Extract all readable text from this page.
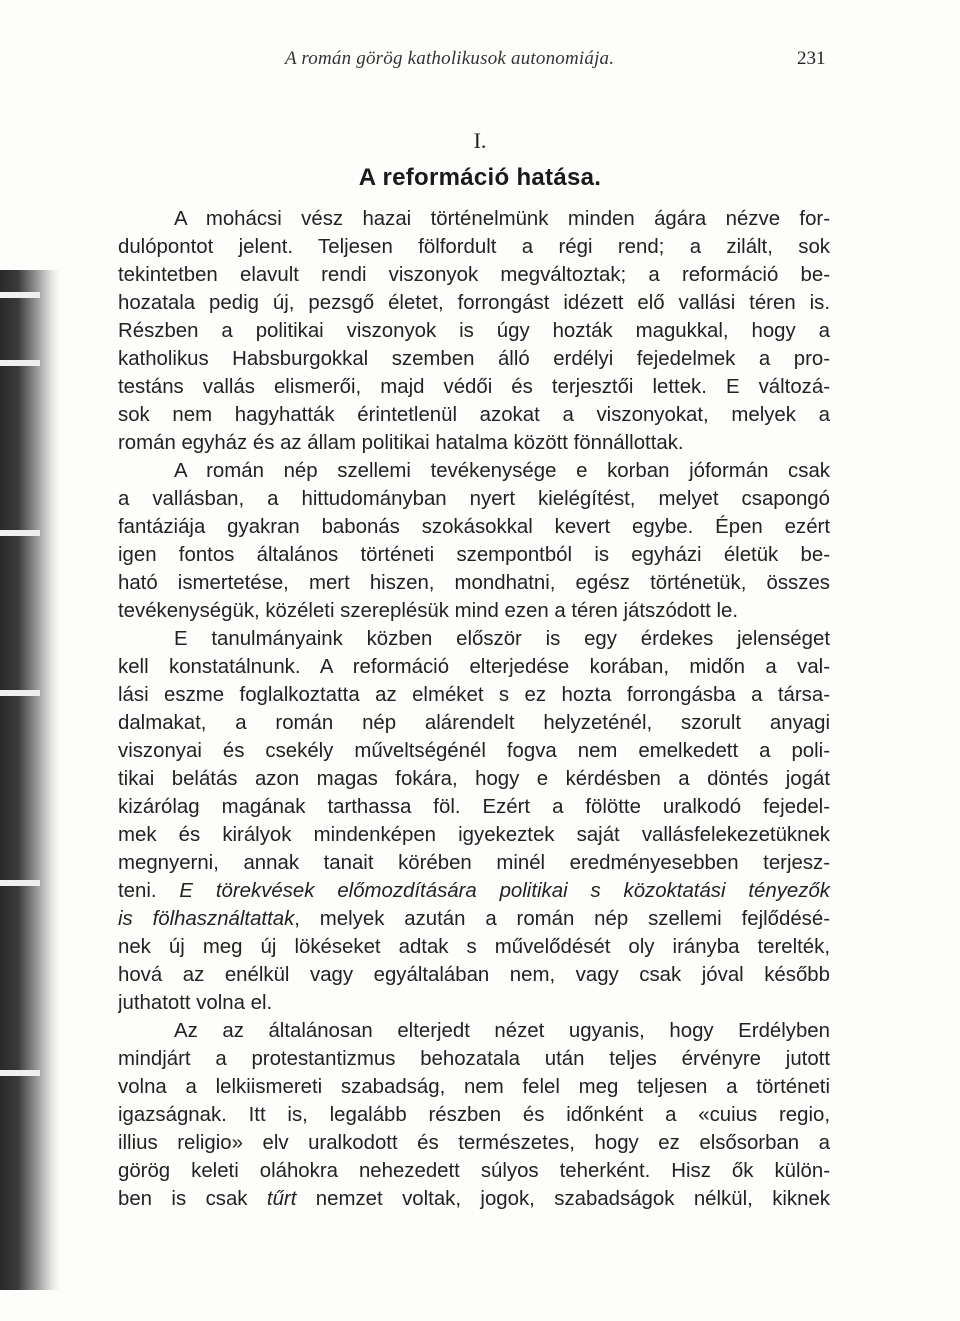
A román görög katholikusok autonomiája.	231
I.
A reformáció hatása.
A mohácsi vész hazai történelmünk minden ágára nézve for-
dulópontot jelent. Teljesen fölfordult a régi rend; a zilált, sok
tekintetben elavult rendi viszonyok megváltoztak; a reformáció be-
hozatala pedig új, pezsgő életet, forrongást idézett elő vallási téren is.
Részben a politikai viszonyok is úgy hozták magukkal, hogy a
katholikus Habsburgokkal szemben álló erdélyi fejedelmek a pro-
testáns vallás elismerői, majd védői és terjesztői lettek. E változá-
sok nem hagyhatták érintetlenül azokat a viszonyokat, melyek a
román egyház és az állam politikai hatalma között fönnállottak.
A román nép szellemi tevékenysége e korban jóformán csak
a vallásban, a hittudományban nyert kielégítést, melyet csapongó
fantáziája gyakran babonás szokásokkal kevert egybe. Épen ezért
igen fontos általános történeti szempontból is egyházi életük be-
ható ismertetése, mert hiszen, mondhatni, egész történetük, összes
tevékenységük, közéleti szereplésük mind ezen a téren játszódott le.
E tanulmányaink közben először is egy érdekes jelenséget
kell konstatálnunk. A reformáció elterjedése korában, midőn a val-
lási eszme foglalkoztatta az elméket s ez hozta forrongásba a társa-
dalmakat, a román nép alárendelt helyzeténél, szorult anyagi
viszonyai és csekély műveltségénél fogva nem emelkedett a poli-
tikai belátás azon magas fokára, hogy e kérdésben a döntés jogát
kizárólag magának tarthassa föl. Ezért a fölötte uralkodó fejedel-
mek és királyok mindenképen igyekeztek saját vallásfelekezetüknek
megnyerni, annak tanait körében minél eredményesebben terjesz-
teni. E törekvések előmozdítására politikai s közoktatási tényezők
is fölhasználtattak, melyek azután a román nép szellemi fejlődésé-
nek új meg új lökéseket adtak s művelődését oly irányba terelték,
hová az enélkül vagy egyáltalában nem, vagy csak jóval később
juthatott volna el.
Az az általánosan elterjedt nézet ugyanis, hogy Erdélyben
mindjárt a protestantizmus behozatala után teljes érvényre jutott
volna a lelkiismereti szabadság, nem felel meg teljesen a történeti
igazságnak. Itt is, legalább részben és időnként a «cuius regio,
illius religio» elv uralkodott és természetes, hogy ez elsősorban a
görög keleti oláhokra nehezedett súlyos teherként. Hisz ők külön-
ben is csak tűrt nemzet voltak, jogok, szabadságok nélkül, kiknek
